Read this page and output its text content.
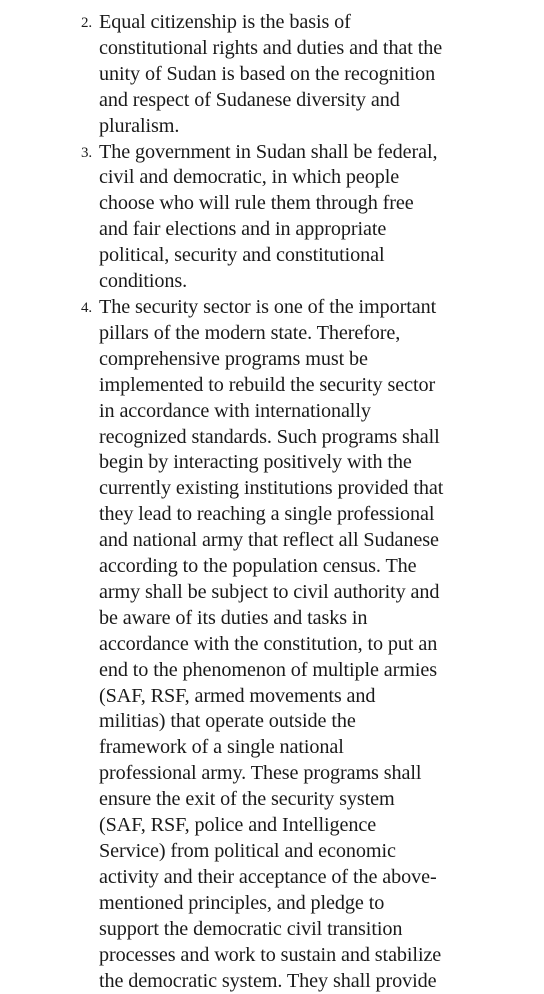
2. Equal citizenship is the basis of
constitutional rights and duties and that the
unity of Sudan is based on the recognition
and respect of Sudanese diversity and
pluralism.
3. The government in Sudan shall be federal,
civil and democratic, in which people
choose who will rule them through free
and fair elections and in appropriate
political, security and constitutional
conditions.
4. The security sector is one of the important
pillars of the modern state. Therefore,
comprehensive programs must be
implemented to rebuild the security sector
in accordance with internationally
recognized standards. Such programs shall
begin by interacting positively with the
currently existing institutions provided that
they lead to reaching a single professional
and national army that reflect all Sudanese
according to the population census. The
army shall be subject to civil authority and
be aware of its duties and tasks in
accordance with the constitution, to put an
end to the phenomenon of multiple armies
(SAF, RSF, armed movements and
militias) that operate outside the
framework of a single national
professional army. These programs shall
ensure the exit of the security system
(SAF, RSF, police and Intelligence
Service) from political and economic
activity and their acceptance of the above-
mentioned principles, and pledge to
support the democratic civil transition
processes and work to sustain and stabilize
the democratic system. They shall provide
